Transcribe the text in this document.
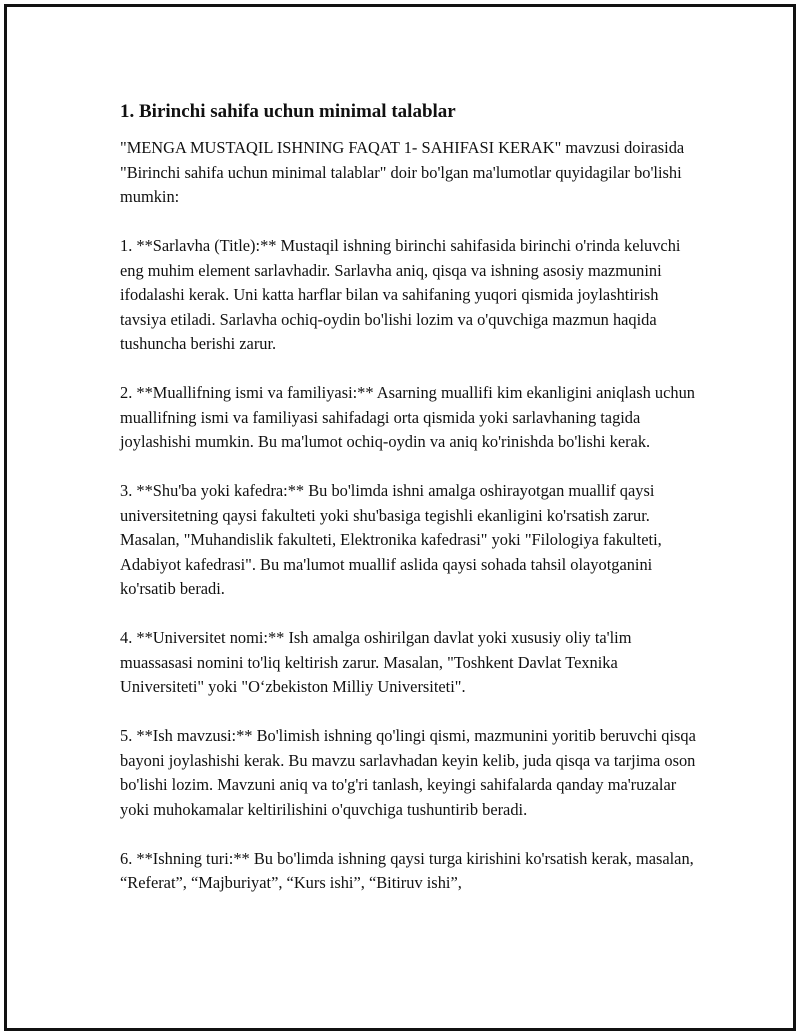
1. Birinchi sahifa uchun minimal talablar

"MENGA MUSTAQIL ISHNING FAQAT 1- SAHIFASI KERAK" mavzusi doirasida "Birinchi sahifa uchun minimal talablar" doir bo'lgan ma'lumotlar quyidagilar bo'lishi mumkin:

1. **Sarlavha (Title):** Mustaqil ishning birinchi sahifasida birinchi o'rinda keluvchi eng muhim element sarlavhadir. Sarlavha aniq, qisqa va ishning asosiy mazmunini ifodalashi kerak. Uni katta harflar bilan va sahifaning yuqori qismida joylashtirish tavsiya etiladi. Sarlavha ochiq-oydin bo'lishi lozim va o'quvchiga mazmun haqida tushuncha berishi zarur.

2. **Muallifning ismi va familiyasi:** Asarning muallifi kim ekanligini aniqlash uchun muallifning ismi va familiyasi sahifadagi orta qismida yoki sarlavhaning tagida joylashishi mumkin. Bu ma'lumot ochiq-oydin va aniq ko'rinishda bo'lishi kerak.

3. **Shu'ba yoki kafedra:** Bu bo'limda ishni amalga oshirayotgan muallif qaysi universitetning qaysi fakulteti yoki shu'basiga tegishli ekanligini ko'rsatish zarur. Masalan, "Muhandislik fakulteti, Elektronika kafedrasi" yoki "Filologiya fakulteti, Adabiyot kafedrasi". Bu ma'lumot muallif aslida qaysi sohada tahsil olayotganini ko'rsatib beradi.

4. **Universitet nomi:** Ish amalga oshirilgan davlat yoki xususiy oliy ta'lim muassasasi nomini to'liq keltirish zarur. Masalan, "Toshkent Davlat Texnika Universiteti" yoki "O‘zbekiston Milliy Universiteti".

5. **Ish mavzusi:** Bo'limish ishning qo'lingi qismi, mazmunini yoritib beruvchi qisqa bayoni joylashishi kerak. Bu mavzu sarlavhadan keyin kelib, juda qisqa va tarjima oson bo'lishi lozim. Mavzuni aniq va to'g'ri tanlash, keyingi sahifalarda qanday ma'ruzalar yoki muhokamalar keltirilishini o'quvchiga tushuntirib beradi.

6. **Ishning turi:** Bu bo'limda ishning qaysi turga kirishini ko'rsatish kerak, masalan, “Referat”, “Majburiyat”, “Kurs ishi”, “Bitiruv ishi”,
